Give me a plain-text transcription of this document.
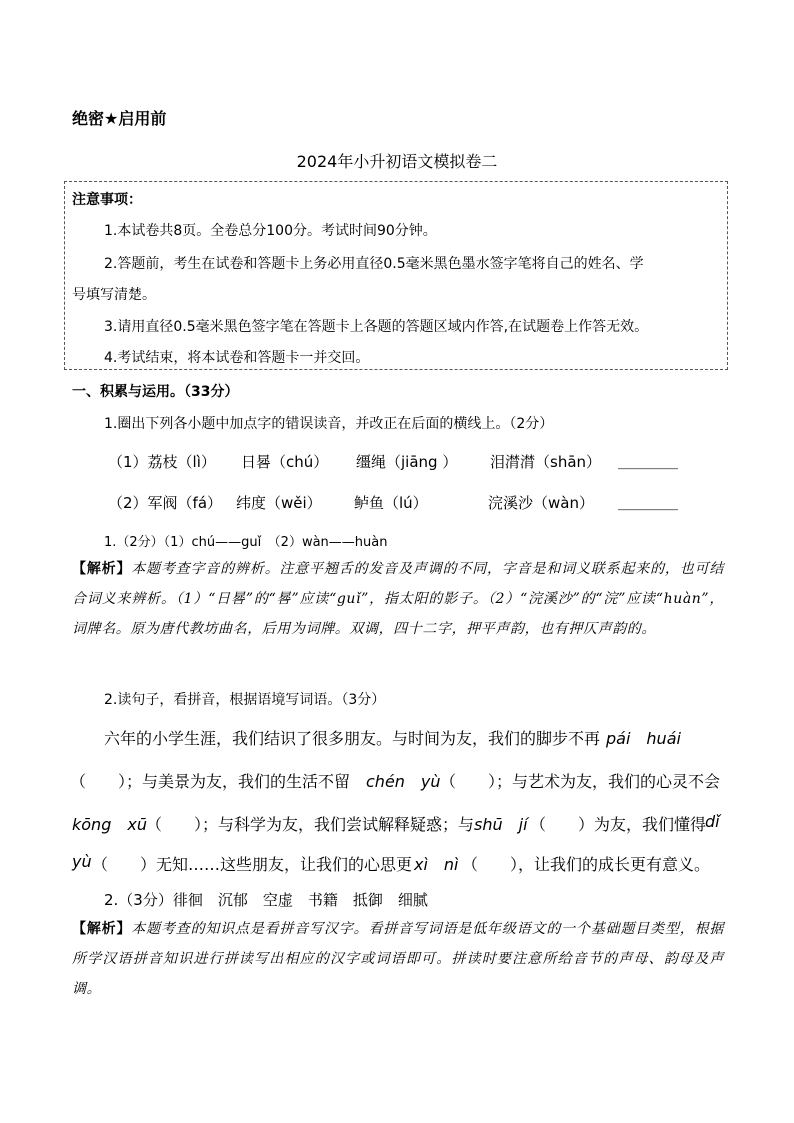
绝密★启用前
2024年小升初语文模拟卷二
注意事项：
1.本试卷共8页。全卷总分100分。考试时间90分钟。
2.答题前，考生在试卷和答题卡上务必用直径0.5毫米黑色墨水签字笔将自己的姓名、学
号填写清楚。
3.请用直径0.5毫米黑色签字笔在答题卡上各题的答题区域内作答,在试题卷上作答无效。
4.考试结束，将本试卷和答题卡一并交回。
一、积累与运用。（33分）
1.圈出下列各小题中加点字的错误读音，并改正在后面的横线上。（2分）
（1）荔枝（lì） 日晷（chú） 缰绳（jiāng ） 泪潸潸（shān） ＿＿＿＿
（2）军阀（fá） 纬度（wěi） 鲈鱼（lú）	浣溪沙（wàn） ＿＿＿＿
1.（2分）（1）chú——guǐ　（2）wàn——huàn
【解析】本题考查字音的辨析。注意平翘舌的发音及声调的不同，字音是和词义联系起来的，也可结合词义来辨析。（1）“日晷”的“晷”应读“guǐ”，指太阳的影子。（2）“浣溪沙”的“浣”应读“huàn”，词牌名。原为唐代教坊曲名，后用为词牌。双调，四十二字，押平声韵，也有押仄声韵的。
2.读句子，看拼音，根据语境写词语。（3分）
六年的小学生涯，我们结识了很多朋友。与时间为友，我们的脚步不再 pái　huái
（　　）；与美景为友，我们的生活不留 chén　yù （　　）；与艺术为友，我们的心灵不会
kōng　xū （　　）；与科学为友，我们尝试解释疑惑；与 shū　jí （　　）为友，我们懂得
dǐ
yù （　　）无知……这些朋友，让我们的心思更 xì　nì （　　），让我们的成长更有意义。
2.（3分）徘徊　沉郁　空虚　书籍　抵御　细腻
【解析】本题考查的知识点是看拼音写汉字。看拼音写词语是低年级语文的一个基础题目类型，根据所学汉语拼音知识进行拼读写出相应的汉字或词语即可。拼读时要注意所给音节的声母、韵母及声调。
